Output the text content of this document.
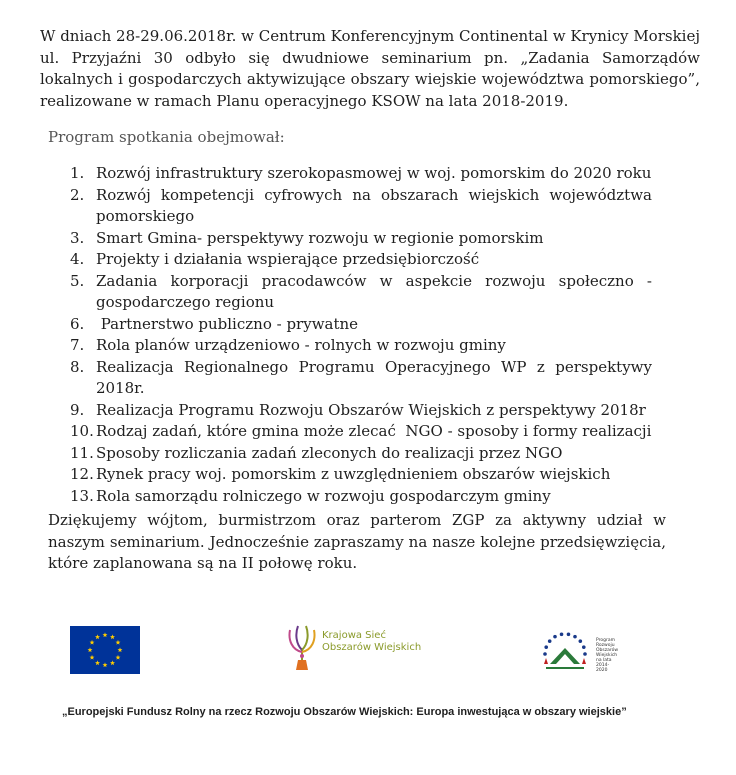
W dniach 28-29.06.2018r. w Centrum Konferencyjnym Continental w Krynicy Morskiej ul. Przyjaźni 30 odbyło się dwudniowe seminarium pn. „Zadania Samorządów lokalnych i gospodarczych aktywizujące obszary wiejskie województwa pomorskiego”, realizowane w ramach Planu operacyjnego KSOW na lata 2018-2019.

Program spotkania obejmował:

1. Rozwój infrastruktury szerokopasmowej w woj. pomorskim do 2020 roku
2. Rozwój kompetencji cyfrowych na obszarach wiejskich województwa pomorskiego
3. Smart Gmina- perspektywy rozwoju w regionie pomorskim
4. Projekty i działania wspierające przedsiębiorczość
5. Zadania korporacji pracodawców w aspekcie rozwoju społeczno - gospodarczego regionu
6. Partnerstwo publiczno - prywatne
7. Rola planów urządzeniowo - rolnych w rozwoju gminy
8. Realizacja Regionalnego Programu Operacyjnego WP z perspektywy 2018r.
9. Realizacja Programu Rozwoju Obszarów Wiejskich z perspektywy 2018r
10. Rodzaj zadań, które gmina może zlecać  NGO - sposoby i formy realizacji
11. Sposoby rozliczania zadań zleconych do realizacji przez NGO
12. Rynek pracy woj. pomorskim z uwzględnieniem obszarów wiejskich
13. Rola samorządu rolniczego w rozwoju gospodarczym gminy

Dziękujemy wójtom, burmistrzom oraz parterom ZGP za aktywny udział w naszym seminarium. Jednocześnie zapraszamy na nasze kolejne przedsięwzięcia, które zaplanowana są na II połowę roku.

Krajowa Sieć
Obszarów Wiejskich
Program
Rozwoju
Obszarów
Wiejskich
na lata 2014-2020

„Europejski Fundusz Rolny na rzecz Rozwoju Obszarów Wiejskich: Europa inwestująca w obszary wiejskie”
